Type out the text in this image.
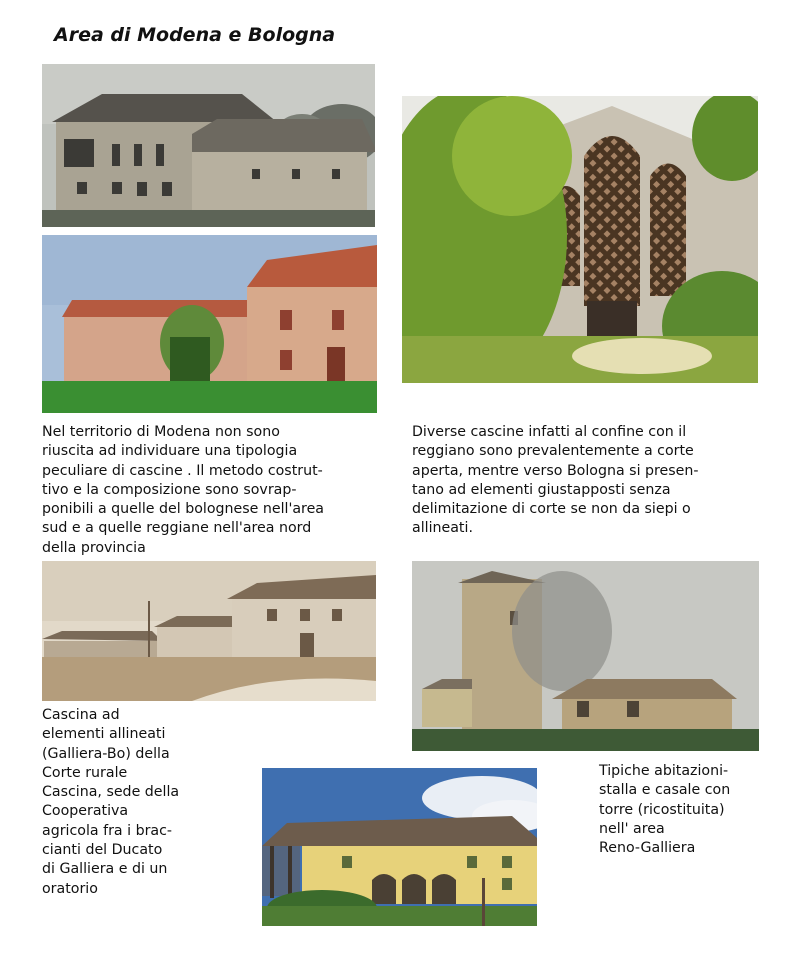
Area di Modena e Bologna
Nel territorio di Modena non sono
riuscita ad individuare una tipologia
peculiare di cascine . Il metodo costrut-
tivo e la composizione sono sovrap-
ponibili a quelle del bolognese nell'area
sud e a quelle reggiane nell'area nord
della provincia
Diverse cascine infatti al confine con il
reggiano sono prevalentemente a corte
aperta, mentre verso Bologna si presen-
tano ad elementi giustapposti senza
delimitazione di corte se non da siepi o
allineati.
Cascina ad
elementi allineati
(Galliera-Bo) della
Corte rurale
Cascina, sede della
Cooperativa
agricola fra i brac-
cianti del Ducato
di Galliera e di un
oratorio
Tipiche abitazioni-
stalla e casale con
torre (ricostituita)
nell' area
Reno-Galliera
